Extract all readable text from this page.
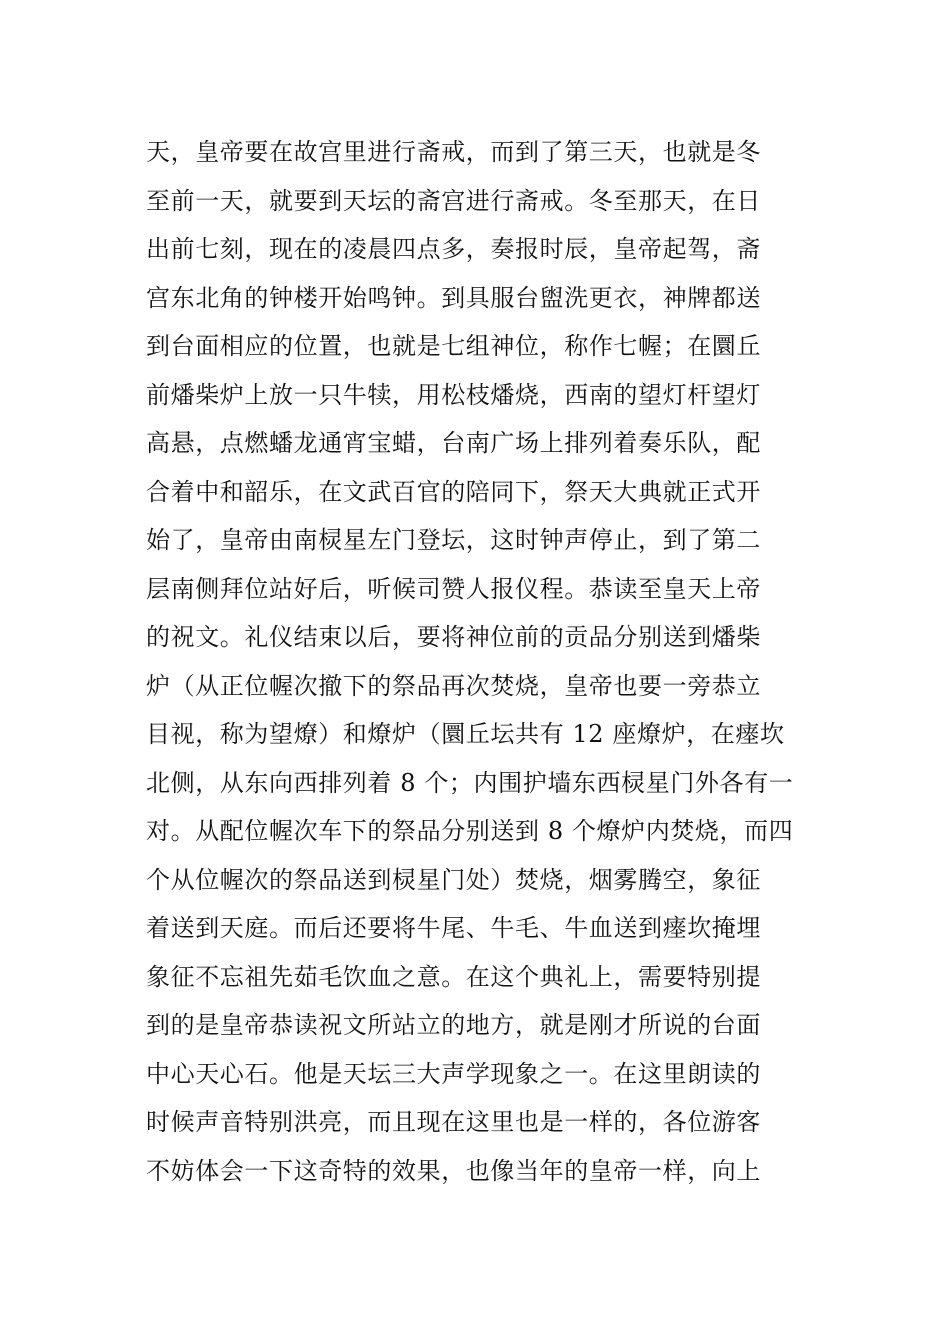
天，皇帝要在故宫里进行斋戒，而到了第三天，也就是冬
至前一天，就要到天坛的斋宫进行斋戒。冬至那天，在日
出前七刻，现在的凌晨四点多，奏报时辰，皇帝起驾，斋
宫东北角的钟楼开始鸣钟。到具服台盥洗更衣，神牌都送
到台面相应的位置，也就是七组神位，称作七幄；在圜丘
前燔柴炉上放一只牛犊，用松枝燔烧，西南的望灯杆望灯
高悬，点燃蟠龙通宵宝蜡，台南广场上排列着奏乐队，配
合着中和韶乐，在文武百官的陪同下，祭天大典就正式开
始了，皇帝由南棂星左门登坛，这时钟声停止，到了第二
层南侧拜位站好后，听候司赞人报仪程。恭读至皇天上帝
的祝文。礼仪结束以后，要将神位前的贡品分别送到燔柴
炉（从正位幄次撤下的祭品再次焚烧，皇帝也要一旁恭立
目视，称为望燎）和燎炉（圜丘坛共有 12 座燎炉，在瘗坎
北侧，从东向西排列着 8 个；内围护墙东西棂星门外各有一
对。从配位幄次车下的祭品分别送到 8 个燎炉内焚烧，而四
个从位幄次的祭品送到棂星门处）焚烧，烟雾腾空，象征
着送到天庭。而后还要将牛尾、牛毛、牛血送到瘗坎掩埋
象征不忘祖先茹毛饮血之意。在这个典礼上，需要特别提
到的是皇帝恭读祝文所站立的地方，就是刚才所说的台面
中心天心石。他是天坛三大声学现象之一。在这里朗读的
时候声音特别洪亮，而且现在这里也是一样的，各位游客
不妨体会一下这奇特的效果，也像当年的皇帝一样，向上
